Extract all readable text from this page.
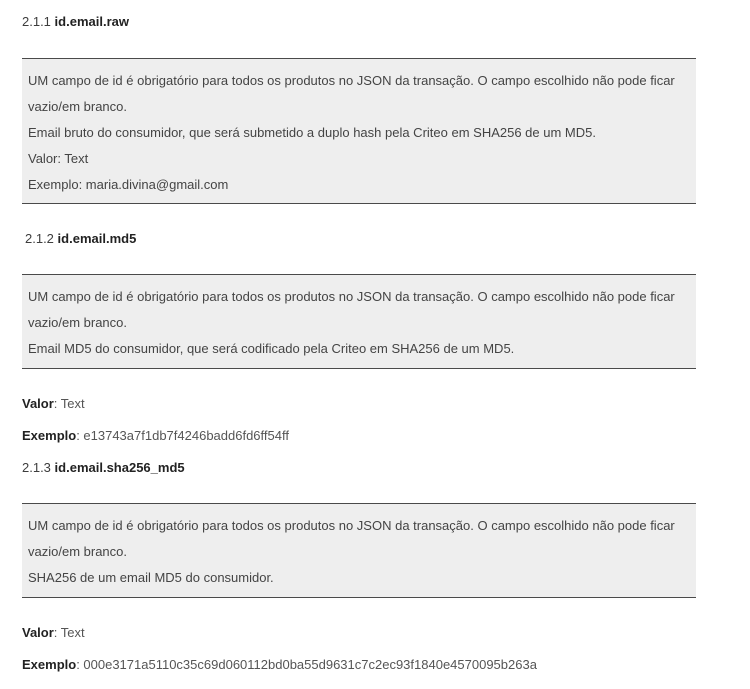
2.1.1 id.email.raw

UM campo de id é obrigatório para todos os produtos no JSON da transação. O campo escolhido não pode ficar vazio/em branco.

Email bruto do consumidor, que será submetido a duplo hash pela Criteo em SHA256 de um MD5.

Valor: Text

Exemplo: maria.divina@gmail.com

2.1.2 id.email.md5

UM campo de id é obrigatório para todos os produtos no JSON da transação. O campo escolhido não pode ficar vazio/em branco.

Email MD5 do consumidor, que será codificado pela Criteo em SHA256 de um MD5.

Valor: Text
Exemplo: e13743a7f1db7f4246badd6fd6ff54ff
2.1.3 id.email.sha256_md5

UM campo de id é obrigatório para todos os produtos no JSON da transação. O campo escolhido não pode ficar vazio/em branco.

SHA256 de um email MD5 do consumidor.

Valor: Text
Exemplo: 000e3171a5110c35c69d060112bd0ba55d9631c7c2ec93f1840e4570095b263a
